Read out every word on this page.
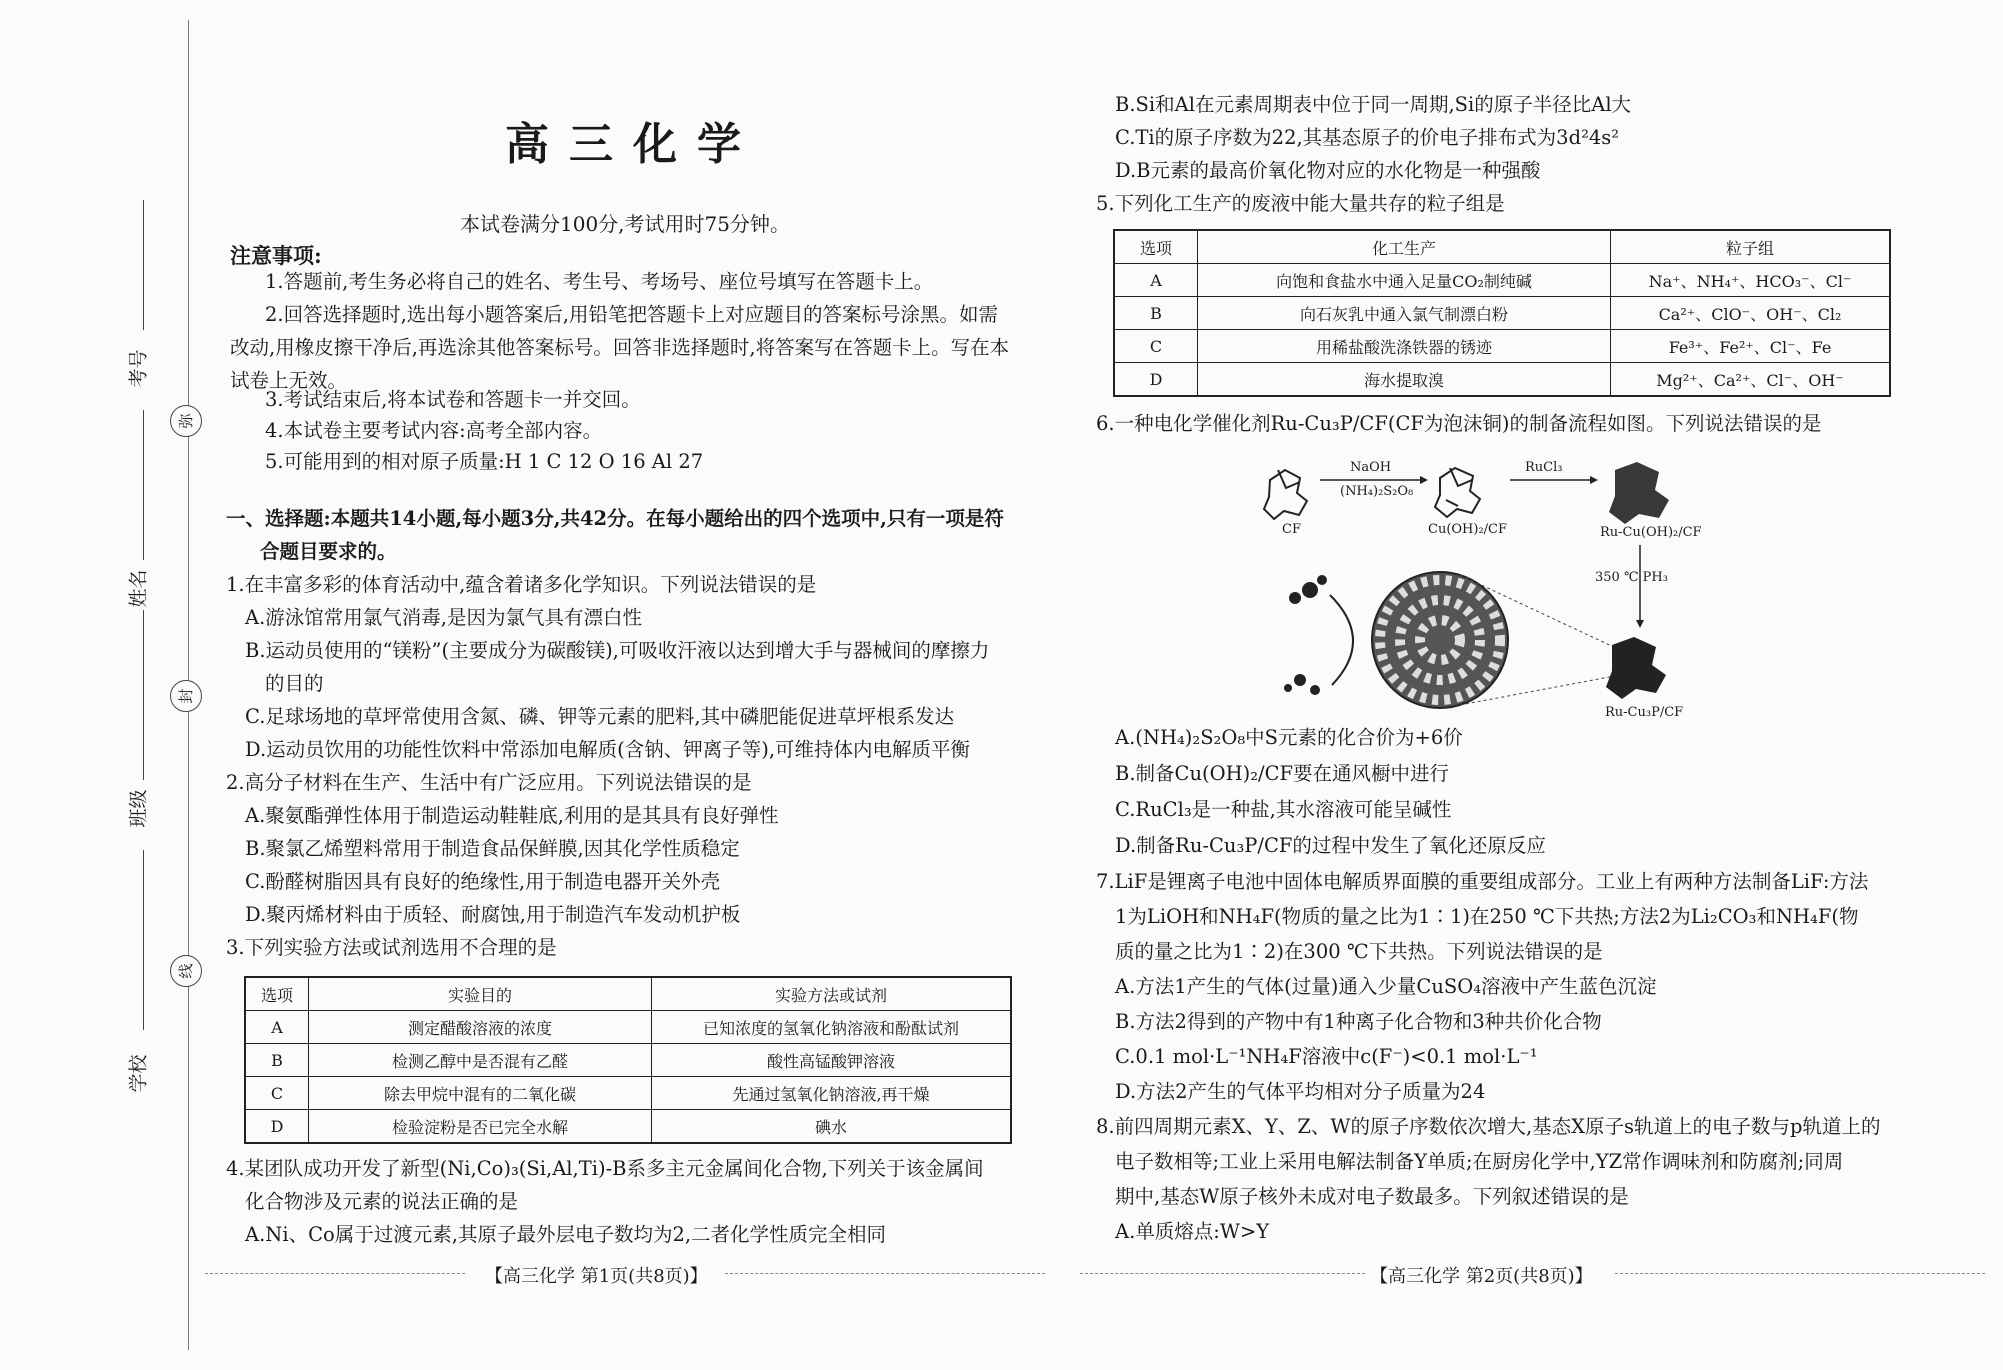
考号
姓名
班级
学校
弥
封
线
高三化学
本试卷满分100分,考试用时75分钟。
注意事项:
1.答题前,考生务必将自己的姓名、考生号、考场号、座位号填写在答题卡上。
2.回答选择题时,选出每小题答案后,用铅笔把答题卡上对应题目的答案标号涂黑。如需
改动,用橡皮擦干净后,再选涂其他答案标号。回答非选择题时,将答案写在答题卡上。写在本
试卷上无效。
3.考试结束后,将本试卷和答题卡一并交回。
4.本试卷主要考试内容:高考全部内容。
5.可能用到的相对原子质量:H 1 C 12 O 16 Al 27
一、选择题:本题共14小题,每小题3分,共42分。在每小题给出的四个选项中,只有一项是符
合题目要求的。
1.在丰富多彩的体育活动中,蕴含着诸多化学知识。下列说法错误的是
A.游泳馆常用氯气消毒,是因为氯气具有漂白性
B.运动员使用的“镁粉”(主要成分为碳酸镁),可吸收汗液以达到增大手与器械间的摩擦力
的目的
C.足球场地的草坪常使用含氮、磷、钾等元素的肥料,其中磷肥能促进草坪根系发达
D.运动员饮用的功能性饮料中常添加电解质(含钠、钾离子等),可维持体内电解质平衡
2.高分子材料在生产、生活中有广泛应用。下列说法错误的是
A.聚氨酯弹性体用于制造运动鞋鞋底,利用的是其具有良好弹性
B.聚氯乙烯塑料常用于制造食品保鲜膜,因其化学性质稳定
C.酚醛树脂因具有良好的绝缘性,用于制造电器开关外壳
D.聚丙烯材料由于质轻、耐腐蚀,用于制造汽车发动机护板
3.下列实验方法或试剂选用不合理的是
选项	实验目的	实验方法或试剂
A	测定醋酸溶液的浓度	已知浓度的氢氧化钠溶液和酚酞试剂
B	检测乙醇中是否混有乙醛	酸性高锰酸钾溶液
C	除去甲烷中混有的二氧化碳	先通过氢氧化钠溶液,再干燥
D	检验淀粉是否已完全水解	碘水
4.某团队成功开发了新型(Ni,Co)₃(Si,Al,Ti)-B系多主元金属间化合物,下列关于该金属间
化合物涉及元素的说法正确的是
A.Ni、Co属于过渡元素,其原子最外层电子数均为2,二者化学性质完全相同
【高三化学 第1页(共8页)】
B.Si和Al在元素周期表中位于同一周期,Si的原子半径比Al大
C.Ti的原子序数为22,其基态原子的价电子排布式为3d²4s²
D.B元素的最高价氧化物对应的水化物是一种强酸
5.下列化工生产的废液中能大量共存的粒子组是
选项	化工生产	粒子组
A	向饱和食盐水中通入足量CO₂制纯碱	Na⁺、NH₄⁺、HCO₃⁻、Cl⁻
B	向石灰乳中通入氯气制漂白粉	Ca²⁺、ClO⁻、OH⁻、Cl₂
C	用稀盐酸洗涤铁器的锈迹	Fe³⁺、Fe²⁺、Cl⁻、Fe
D	海水提取溴	Mg²⁺、Ca²⁺、Cl⁻、OH⁻
6.一种电化学催化剂Ru-Cu₃P/CF(CF为泡沫铜)的制备流程如图。下列说法错误的是
CF
NaOH
(NH₄)₂S₂O₈
Cu(OH)₂/CF
RuCl₃
Ru-Cu(OH)₂/CF
350 ℃ PH₃
Ru-Cu₃P/CF
A.(NH₄)₂S₂O₈中S元素的化合价为+6价
B.制备Cu(OH)₂/CF要在通风橱中进行
C.RuCl₃是一种盐,其水溶液可能呈碱性
D.制备Ru-Cu₃P/CF的过程中发生了氧化还原反应
7.LiF是锂离子电池中固体电解质界面膜的重要组成部分。工业上有两种方法制备LiF:方法
1为LiOH和NH₄F(物质的量之比为1∶1)在250 ℃下共热;方法2为Li₂CO₃和NH₄F(物
质的量之比为1∶2)在300 ℃下共热。下列说法错误的是
A.方法1产生的气体(过量)通入少量CuSO₄溶液中产生蓝色沉淀
B.方法2得到的产物中有1种离子化合物和3种共价化合物
C.0.1 mol·L⁻¹NH₄F溶液中c(F⁻)<0.1 mol·L⁻¹
D.方法2产生的气体平均相对分子质量为24
8.前四周期元素X、Y、Z、W的原子序数依次增大,基态X原子s轨道上的电子数与p轨道上的
电子数相等;工业上采用电解法制备Y单质;在厨房化学中,YZ常作调味剂和防腐剂;同周
期中,基态W原子核外未成对电子数最多。下列叙述错误的是
A.单质熔点:W>Y
【高三化学 第2页(共8页)】
